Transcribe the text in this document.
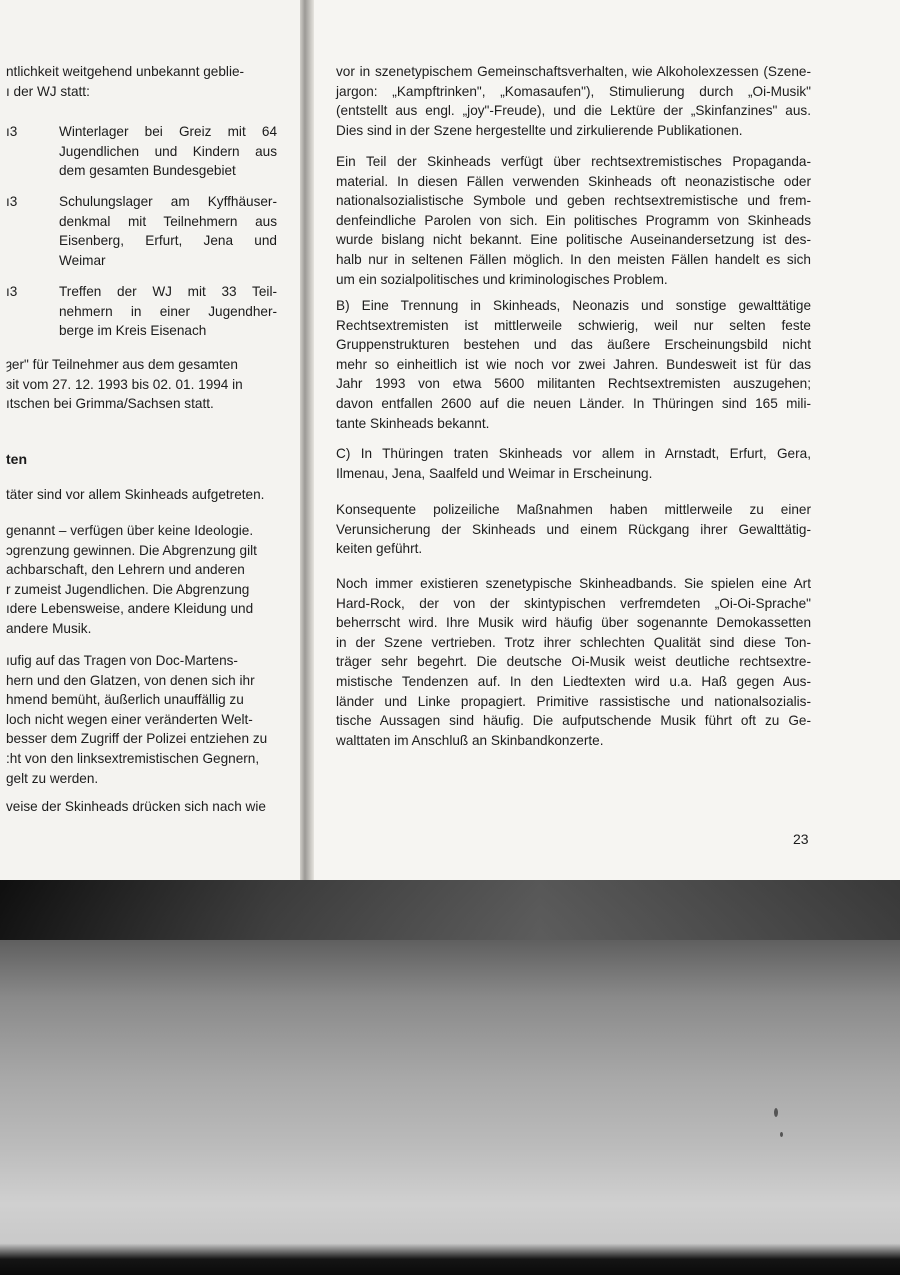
ntlichkeit weitgehend unbekannt geblie-

ı der WJ statt:

ı3	Winterlager bei Greiz mit 64
Jugendlichen und Kindern aus
dem gesamten Bundesgebiet
ı3	Schulungslager am Kyffhäuser-
denkmal mit Teilnehmern aus
Eisenberg, Erfurt, Jena und
Weimar
ı3	Treffen der WJ mit 33 Teil-
nehmern in einer Jugendher-
berge im Kreis Eisenach

ȝer" für Teilnehmer aus dem gesamten

ɜit vom 27. 12. 1993 bis 02. 01. 1994 in

ıtschen bei Grimma/Sachsen statt.

ten
täter sind vor allem Skinheads aufgetreten.

genannt – verfügen über keine Ideologie.

ɔgrenzung gewinnen. Die Abgrenzung gilt

achbarschaft, den Lehrern und anderen

r zumeist Jugendlichen. Die Abgrenzung

ıdere Lebensweise, andere Kleidung und

andere Musik.

ıufig auf das Tragen von Doc-Martens-

hern und den Glatzen, von denen sich ihr

hmend bemüht, äußerlich unauffällig zu

loch nicht wegen einer veränderten Welt-

besser dem Zugriff der Polizei entziehen zu

:ht von den linksextremistischen Gegnern,

gelt zu werden.

veise der Skinheads drücken sich nach wie
vor in szenetypischem Gemeinschaftsverhalten, wie Alkoholexzessen (Szene-
jargon: „Kampftrinken", „Komasaufen"), Stimulierung durch „Oi-Musik"
(entstellt aus engl. „joy"-Freude), und die Lektüre der „Skinfanzines" aus.
Dies sind in der Szene hergestellte und zirkulierende Publikationen.
Ein Teil der Skinheads verfügt über rechtsextremistisches Propaganda-
material. In diesen Fällen verwenden Skinheads oft neonazistische oder
nationalsozialistische Symbole und geben rechtsextremistische und frem-
denfeindliche Parolen von sich. Ein politisches Programm von Skinheads
wurde bislang nicht bekannt. Eine politische Auseinandersetzung ist des-
halb nur in seltenen Fällen möglich. In den meisten Fällen handelt es sich
um ein sozialpolitisches und kriminologisches Problem.
B) Eine Trennung in Skinheads, Neonazis und sonstige gewalttätige
Rechtsextremisten ist mittlerweile schwierig, weil nur selten feste
Gruppenstrukturen bestehen und das äußere Erscheinungsbild nicht
mehr so einheitlich ist wie noch vor zwei Jahren. Bundesweit ist für das
Jahr 1993 von etwa 5600 militanten Rechtsextremisten auszugehen;
davon entfallen 2600 auf die neuen Länder. In Thüringen sind 165 mili-
tante Skinheads bekannt.
C) In Thüringen traten Skinheads vor allem in Arnstadt, Erfurt, Gera,
Ilmenau, Jena, Saalfeld und Weimar in Erscheinung.
Konsequente polizeiliche Maßnahmen haben mittlerweile zu einer
Verunsicherung der Skinheads und einem Rückgang ihrer Gewalttätig-
keiten geführt.
Noch immer existieren szenetypische Skinheadbands. Sie spielen eine Art
Hard-Rock, der von der skintypischen verfremdeten „Oi-Oi-Sprache"
beherrscht wird. Ihre Musik wird häufig über sogenannte Demokassetten
in der Szene vertrieben. Trotz ihrer schlechten Qualität sind diese Ton-
träger sehr begehrt. Die deutsche Oi-Musik weist deutliche rechtsextre-
mistische Tendenzen auf. In den Liedtexten wird u.a. Haß gegen Aus-
länder und Linke propagiert. Primitive rassistische und nationalsozialis-
tische Aussagen sind häufig. Die aufputschende Musik führt oft zu Ge-
walttaten im Anschluß an Skinbandkonzerte.
23
